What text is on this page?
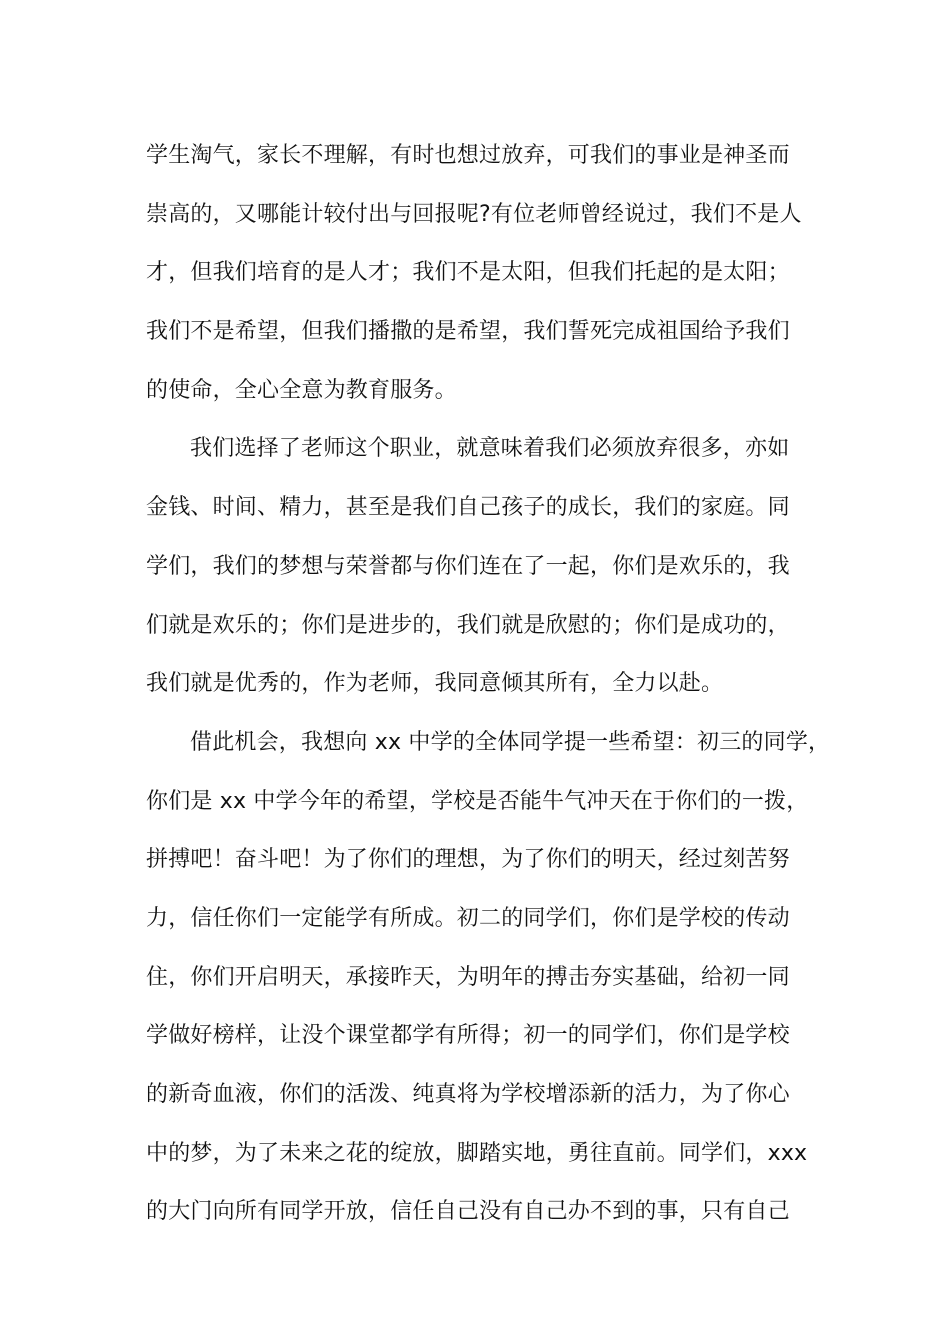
学生淘气，家长不理解，有时也想过放弃，可我们的事业是神圣而
崇高的，又哪能计较付出与回报呢?有位老师曾经说过，我们不是人
才，但我们培育的是人才；我们不是太阳，但我们托起的是太阳；
我们不是希望，但我们播撒的是希望，我们誓死完成祖国给予我们
的使命，全心全意为教育服务。
我们选择了老师这个职业，就意味着我们必须放弃很多，亦如
金钱、时间、精力，甚至是我们自己孩子的成长，我们的家庭。同
学们，我们的梦想与荣誉都与你们连在了一起，你们是欢乐的，我
们就是欢乐的；你们是进步的，我们就是欣慰的；你们是成功的，
我们就是优秀的，作为老师，我同意倾其所有，全力以赴。
借此机会，我想向 xx 中学的全体同学提一些希望：初三的同学，
你们是 xx 中学今年的希望，学校是否能牛气冲天在于你们的一拨，
拼搏吧！奋斗吧！为了你们的理想，为了你们的明天，经过刻苦努
力，信任你们一定能学有所成。初二的同学们，你们是学校的传动
住，你们开启明天，承接昨天，为明年的搏击夯实基础，给初一同
学做好榜样，让没个课堂都学有所得；初一的同学们，你们是学校
的新奇血液，你们的活泼、纯真将为学校增添新的活力，为了你心
中的梦，为了未来之花的绽放，脚踏实地，勇往直前。同学们，xxx
的大门向所有同学开放，信任自己没有自己办不到的事，只有自己
